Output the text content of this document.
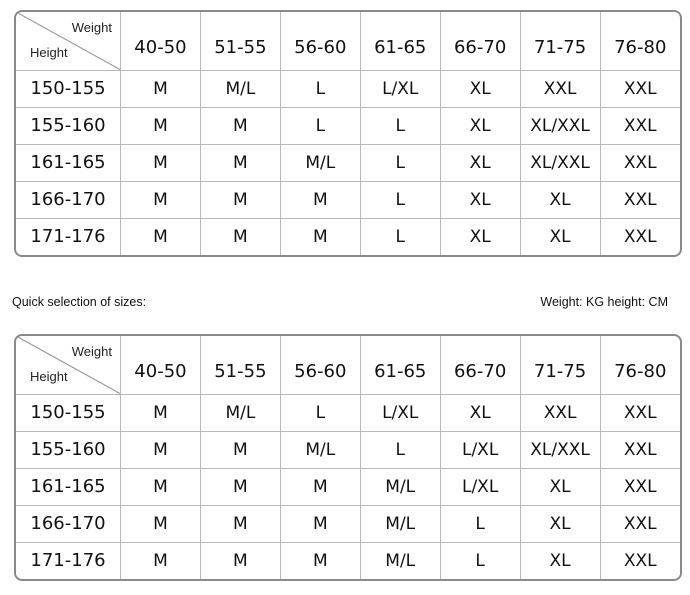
Weight
Height	40-50	51-55	56-60	61-65	66-70	71-75	76-80
150-155	M	M/L	L	L/XL	XL	XXL	XXL
155-160	M	M	L	L	XL	XL/XXL	XXL
161-165	M	M	M/L	L	XL	XL/XXL	XXL
166-170	M	M	M	L	XL	XL	XXL
171-176	M	M	M	L	XL	XL	XXL
Quick selection of sizes:	Weight: KG height: CM
Weight
Height	40-50	51-55	56-60	61-65	66-70	71-75	76-80
150-155	M	M/L	L	L/XL	XL	XXL	XXL
155-160	M	M	M/L	L	L/XL	XL/XXL	XXL
161-165	M	M	M	M/L	L/XL	XL	XXL
166-170	M	M	M	M/L	L	XL	XXL
171-176	M	M	M	M/L	L	XL	XXL
